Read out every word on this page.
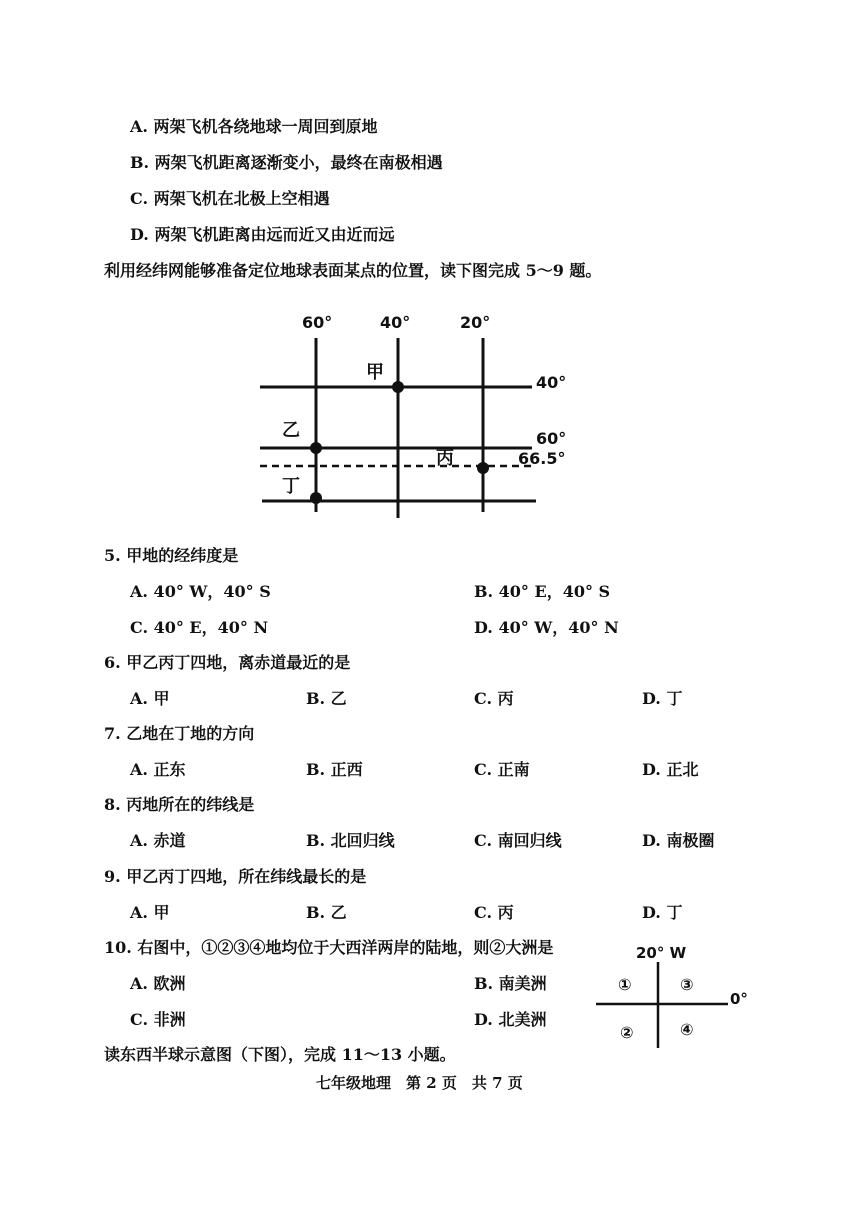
A. 两架飞机各绕地球一周回到原地
B. 两架飞机距离逐渐变小，最终在南极相遇
C. 两架飞机在北极上空相遇
D. 两架飞机距离由远而近又由近而远
利用经纬网能够准备定位地球表面某点的位置，读下图完成 5～9 题。
60°	40°	20°
40°
60°
66.5°
甲
乙
丙
丁
5. 甲地的经纬度是
A. 40° W，40° S	B. 40° E，40° S
C. 40° E，40° N	D. 40° W，40° N
6. 甲乙丙丁四地，离赤道最近的是
A. 甲	B. 乙	C. 丙	D. 丁
7. 乙地在丁地的方向
A. 正东	B. 正西	C. 正南	D. 正北
8. 丙地所在的纬线是
A. 赤道	B. 北回归线	C. 南回归线	D. 南极圈
9. 甲乙丙丁四地，所在纬线最长的是
A. 甲	B. 乙	C. 丙	D. 丁
10. 右图中，①②③④地均位于大西洋两岸的陆地，则②大洲是
A. 欧洲	B. 南美洲
C. 非洲	D. 北美洲
20° W
0°
①	③
②	④
读东西半球示意图（下图），完成 11～13 小题。
七年级地理　第 2 页　共 7 页
